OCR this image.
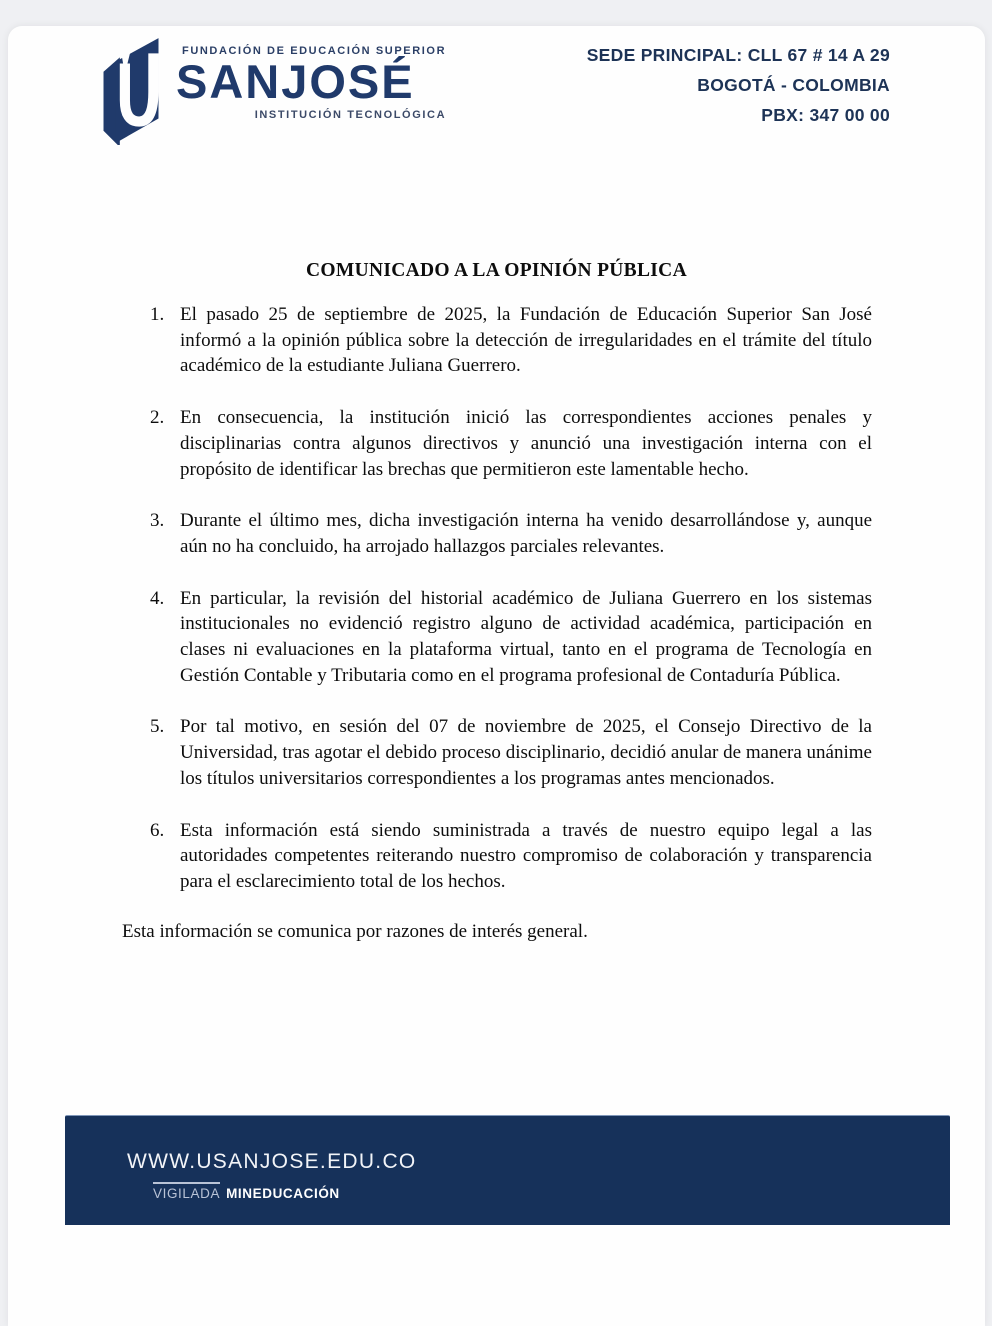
FUNDACIÓN DE EDUCACIÓN SUPERIOR
SANJOSÉ
INSTITUCIÓN TECNOLÓGICA
SEDE PRINCIPAL: CLL 67 # 14 A 29
BOGOTÁ - COLOMBIA
PBX: 347 00 00
COMUNICADO A LA OPINIÓN PÚBLICA
1. El pasado 25 de septiembre de 2025, la Fundación de Educación Superior San José informó a la opinión pública sobre la detección de irregularidades en el trámite del título académico de la estudiante Juliana Guerrero.
2. En consecuencia, la institución inició las correspondientes acciones penales y disciplinarias contra algunos directivos y anunció una investigación interna con el propósito de identificar las brechas que permitieron este lamentable hecho.
3. Durante el último mes, dicha investigación interna ha venido desarrollándose y, aunque aún no ha concluido, ha arrojado hallazgos parciales relevantes.
4. En particular, la revisión del historial académico de Juliana Guerrero en los sistemas institucionales no evidenció registro alguno de actividad académica, participación en clases ni evaluaciones en la plataforma virtual, tanto en el programa de Tecnología en Gestión Contable y Tributaria como en el programa profesional de Contaduría Pública.
5. Por tal motivo, en sesión del 07 de noviembre de 2025, el Consejo Directivo de la Universidad, tras agotar el debido proceso disciplinario, decidió anular de manera unánime los títulos universitarios correspondientes a los programas antes mencionados.
6. Esta información está siendo suministrada a través de nuestro equipo legal a las autoridades competentes reiterando nuestro compromiso de colaboración y transparencia para el esclarecimiento total de los hechos.
Esta información se comunica por razones de interés general.
WWW.USANJOSE.EDU.CO
VIGILADA MINEDUCACIÓN
